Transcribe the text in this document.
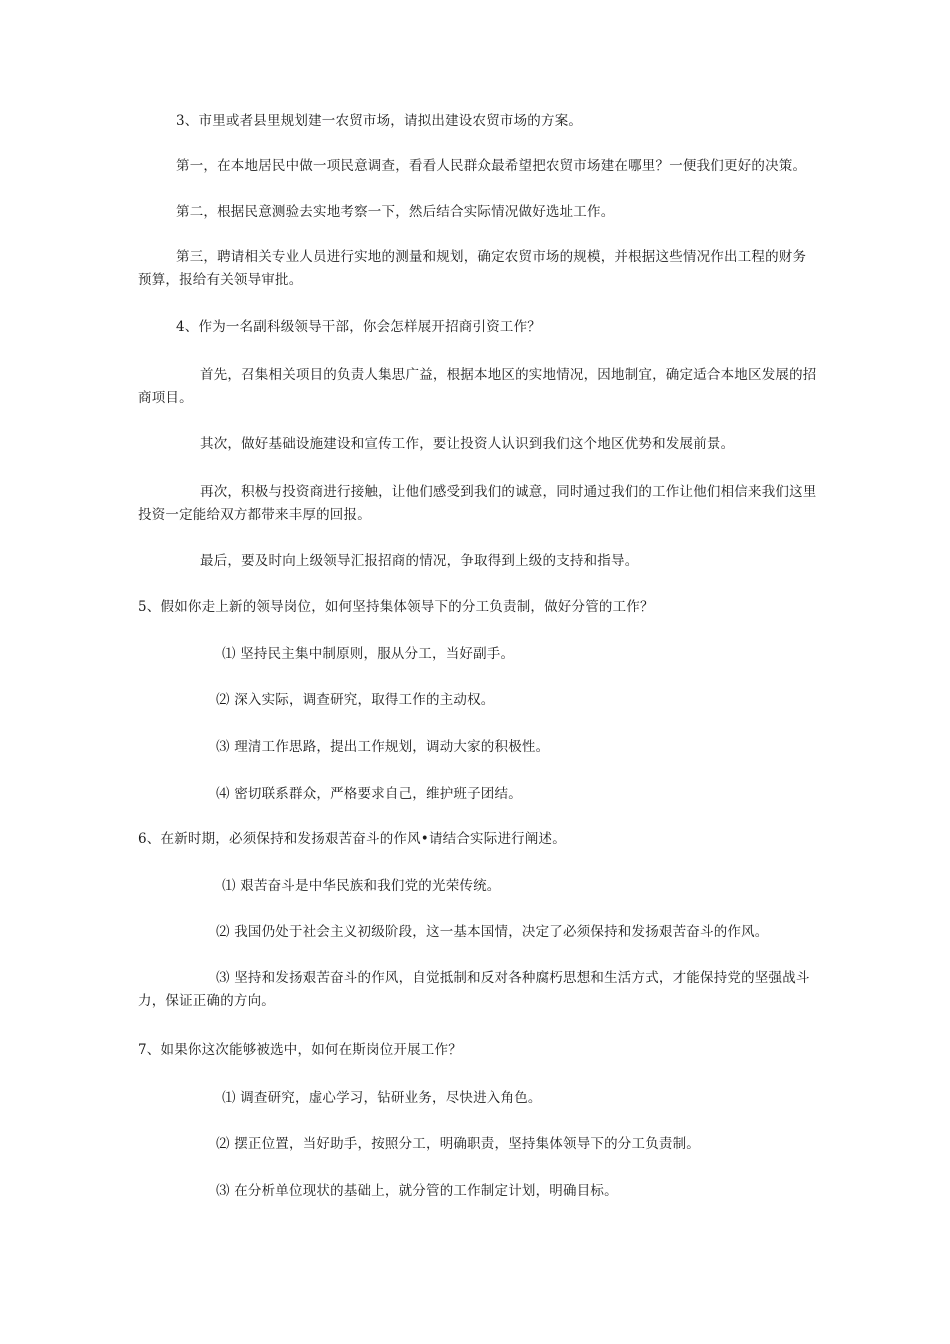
3、市里或者县里规划建一农贸市场，请拟出建设农贸市场的方案。

第一，在本地居民中做一项民意调查，看看人民群众最希望把农贸市场建在哪里？一便我们更好的决策。

第二，根据民意测验去实地考察一下，然后结合实际情况做好选址工作。

第三，聘请相关专业人员进行实地的测量和规划，确定农贸市场的规模，并根据这些情况作出工程的财务预算，报给有关领导审批。

4、作为一名副科级领导干部，你会怎样展开招商引资工作？

首先，召集相关项目的负责人集思广益，根据本地区的实地情况，因地制宜，确定适合本地区发展的招商项目。

其次，做好基础设施建设和宣传工作，要让投资人认识到我们这个地区优势和发展前景。

再次，积极与投资商进行接触，让他们感受到我们的诚意，同时通过我们的工作让他们相信来我们这里投资一定能给双方都带来丰厚的回报。

最后，要及时向上级领导汇报招商的情况，争取得到上级的支持和指导。

5、假如你走上新的领导岗位，如何坚持集体领导下的分工负责制，做好分管的工作？

⑴ 坚持民主集中制原则，服从分工，当好副手。

⑵ 深入实际，调查研究，取得工作的主动权。

⑶ 理清工作思路，提出工作规划，调动大家的积极性。

⑷ 密切联系群众，严格要求自己，维护班子团结。

6、在新时期，必须保持和发扬艰苦奋斗的作风•请结合实际进行阐述。

⑴ 艰苦奋斗是中华民族和我们党的光荣传统。

⑵ 我国仍处于社会主义初级阶段，这一基本国情，决定了必须保持和发扬艰苦奋斗的作风。

⑶ 坚持和发扬艰苦奋斗的作风，自觉抵制和反对各种腐朽思想和生活方式，才能保持党的坚强战斗力，保证正确的方向。

7、如果你这次能够被选中，如何在斯岗位开展工作？

⑴ 调查研究，虚心学习，钻研业务，尽快进入角色。

⑵ 摆正位置，当好助手，按照分工，明确职责，坚持集体领导下的分工负责制。

⑶ 在分析单位现状的基础上，就分管的工作制定计划，明确目标。
